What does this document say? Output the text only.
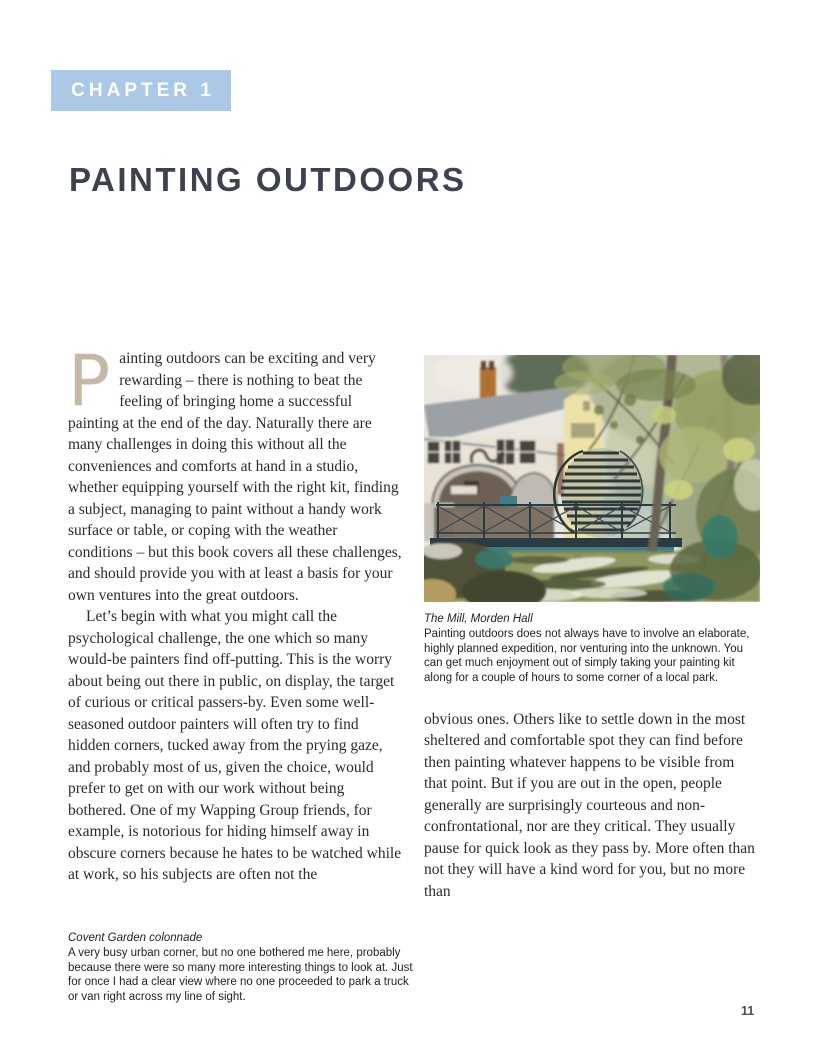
CHAPTER 1
PAINTING OUTDOORS

Painting outdoors can be exciting and very rewarding – there is nothing to beat the feeling of bringing home a successful painting at the end of the day. Naturally there are many challenges in doing this without all the conveniences and comforts at hand in a studio, whether equipping yourself with the right kit, finding a subject, managing to paint without a handy work surface or table, or coping with the weather conditions – but this book covers all these challenges, and should provide you with at least a basis for your own ventures into the great outdoors.

Let’s begin with what you might call the psychological challenge, the one which so many would-be painters find off-putting. This is the worry about being out there in public, on display, the target of curious or critical passers-by. Even some well-seasoned outdoor painters will often try to find hidden corners, tucked away from the prying gaze, and probably most of us, given the choice, would prefer to get on with our work without being bothered. One of my Wapping Group friends, for example, is notorious for hiding himself away in obscure corners because he hates to be watched while at work, so his subjects are often not the

The Mill, Morden Hall
Painting outdoors does not always have to involve an elaborate, highly planned expedition, nor venturing into the unknown. You can get much enjoyment out of simply taking your painting kit along for a couple of hours to some corner of a local park.

obvious ones. Others like to settle down in the most sheltered and comfortable spot they can find before then painting whatever happens to be visible from that point. But if you are out in the open, people generally are surprisingly courteous and non-confrontational, nor are they critical. They usually pause for quick look as they pass by. More often than not they will have a kind word for you, but no more than

Covent Garden colonnade
A very busy urban corner, but no one bothered me here, probably because there were so many more interesting things to look at. Just for once I had a clear view where no one proceeded to park a truck or van right across my line of sight.
11
